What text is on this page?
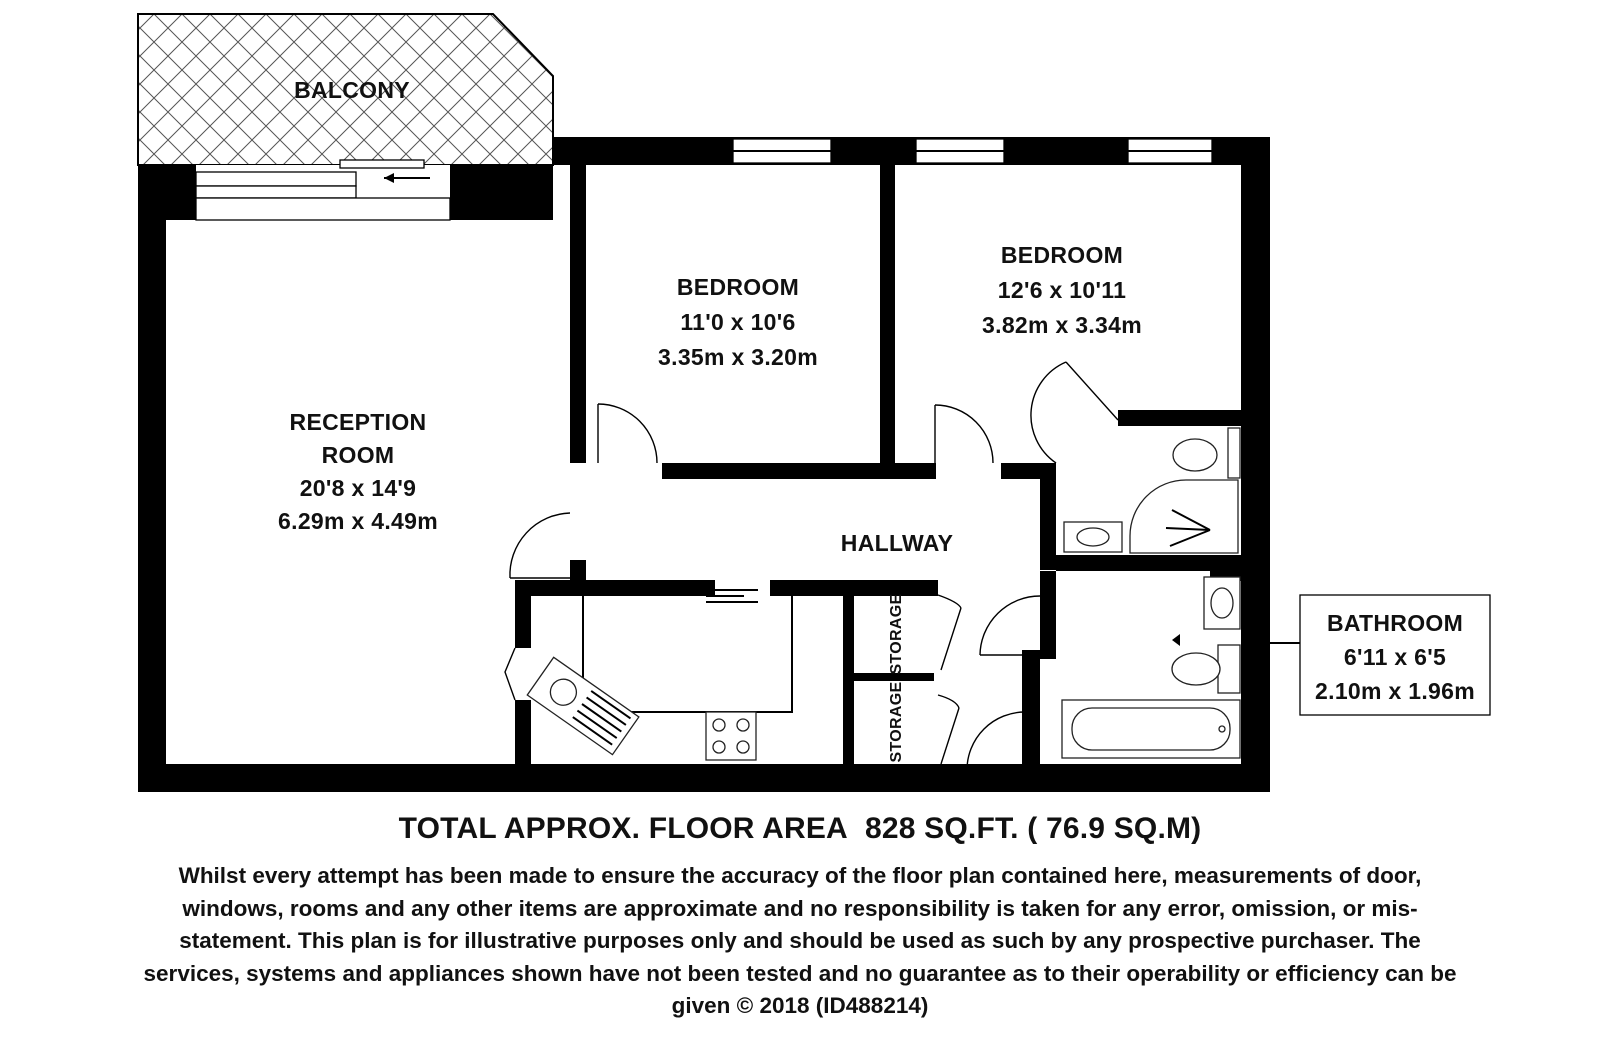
BALCONY
RECEPTION
ROOM
20'8 x 14'9
6.29m x 4.49m
BEDROOM
11'0 x 10'6
3.35m x 3.20m
BEDROOM
12'6 x 10'11
3.82m x 3.34m
HALLWAY
STORAGE
STORAGE
BATHROOM
6'11 x 6'5
2.10m x 1.96m
TOTAL APPROX. FLOOR AREA 828 SQ.FT. ( 76.9 SQ.M)
Whilst every attempt has been made to ensure the accuracy of the floor plan contained here, measurements of door, windows, rooms and any other items are approximate and no responsibility is taken for any error, omission, or mis-statement. This plan is for illustrative purposes only and should be used as such by any prospective purchaser. The services, systems and appliances shown have not been tested and no guarantee as to their operability or efficiency can be given © 2018 (ID488214)
